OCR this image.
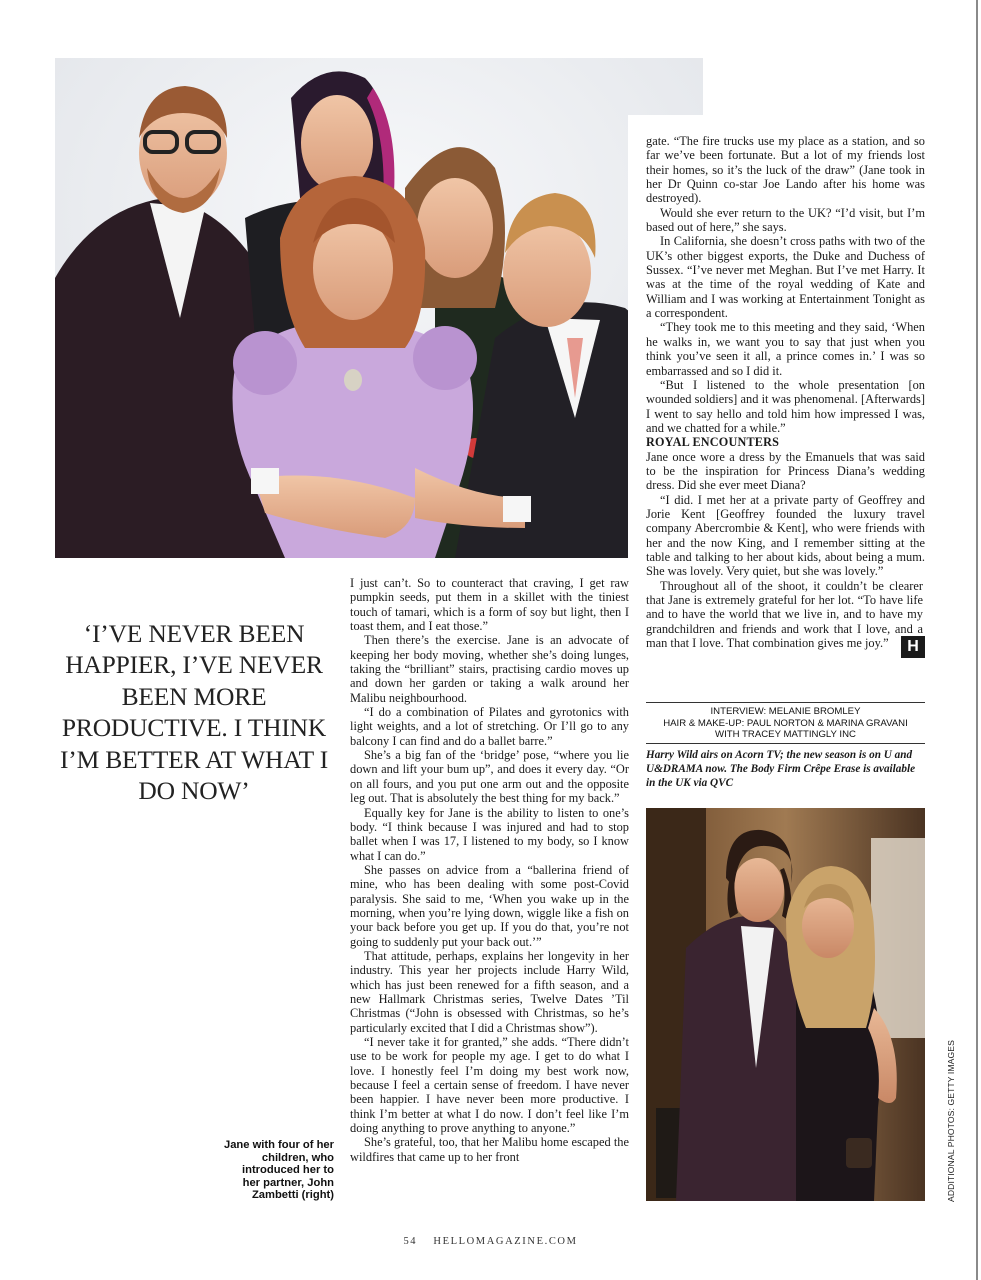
‘I’VE NEVER BEEN HAPPIER, I’VE NEVER BEEN MORE PRODUCTIVE. I THINK I’M BETTER AT WHAT I DO NOW’
Jane with four of her children, who introduced her to her partner, John Zambetti (right)

I just can’t. So to counteract that craving, I get raw pumpkin seeds, put them in a skillet with the tiniest touch of tamari, which is a form of soy but light, then I toast them, and I eat those.”

Then there’s the exercise. Jane is an advocate of keeping her body moving, whether she’s doing lunges, taking the “brilliant” stairs, practising cardio moves up and down her garden or taking a walk around her Malibu neighbourhood.

“I do a combination of Pilates and gyrotonics with light weights, and a lot of stretching. Or I’ll go to any balcony I can find and do a ballet barre.”

She’s a big fan of the ‘bridge’ pose, “where you lie down and lift your bum up”, and does it every day. “Or on all fours, and you put one arm out and the opposite leg out. That is absolutely the best thing for my back.”

Equally key for Jane is the ability to listen to one’s body. “I think because I was injured and had to stop ballet when I was 17, I listened to my body, so I know what I can do.”

She passes on advice from a “ballerina friend of mine, who has been dealing with some post-Covid paralysis. She said to me, ‘When you wake up in the morning, when you’re lying down, wiggle like a fish on your back before you get up. If you do that, you’re not going to suddenly put your back out.’”

That attitude, perhaps, explains her longevity in her industry. This year her projects include Harry Wild, which has just been renewed for a fifth season, and a new Hallmark Christmas series, Twelve Dates ’Til Christmas (“John is obsessed with Christmas, so he’s particularly excited that I did a Christmas show”).

“I never take it for granted,” she adds. “There didn’t use to be work for people my age. I get to do what I love. I honestly feel I’m doing my best work now, because I feel a certain sense of freedom. I have never been happier. I have never been more productive. I think I’m better at what I do now. I don’t feel like I’m doing anything to prove anything to anyone.”

She’s grateful, too, that her Malibu home escaped the wildfires that came up to her front

gate. “The fire trucks use my place as a station, and so far we’ve been fortunate. But a lot of my friends lost their homes, so it’s the luck of the draw” (Jane took in her Dr Quinn co-star Joe Lando after his home was destroyed).

Would she ever return to the UK? “I’d visit, but I’m based out of here,” she says.

In California, she doesn’t cross paths with two of the UK’s other biggest exports, the Duke and Duchess of Sussex. “I’ve never met Meghan. But I’ve met Harry. It was at the time of the royal wedding of Kate and William and I was working at Entertainment Tonight as a correspondent.

“They took me to this meeting and they said, ‘When he walks in, we want you to say that just when you think you’ve seen it all, a prince comes in.’ I was so embarrassed and so I did it.

“But I listened to the whole presentation [on wounded soldiers] and it was phenomenal. [Afterwards] I went to say hello and told him how impressed I was, and we chatted for a while.”

ROYAL ENCOUNTERS

Jane once wore a dress by the Emanuels that was said to be the inspiration for Princess Diana’s wedding dress. Did she ever meet Diana?

“I did. I met her at a private party of Geoffrey and Jorie Kent [Geoffrey founded the luxury travel company Abercrombie & Kent], who were friends with her and the now King, and I remember sitting at the table and talking to her about kids, about being a mum. She was lovely. Very quiet, but she was lovely.”

Throughout all of the shoot, it couldn’t be clearer that Jane is extremely grateful for her lot. “To have life and to have the world that we live in, and to have my grandchildren and friends and work that I love, and a man that I love. That combination gives me joy.”	H

INTERVIEW: MELANIE BROMLEY
HAIR & MAKE-UP: PAUL NORTON & MARINA GRAVANI
WITH TRACEY MATTINGLY INC
Harry Wild airs on Acorn TV; the new season is on U and U&DRAMA now. The Body Firm Crêpe Erase is available in the UK via QVC
ADDITIONAL PHOTOS: GETTY IMAGES
54 HELLOMAGAZINE.COM
